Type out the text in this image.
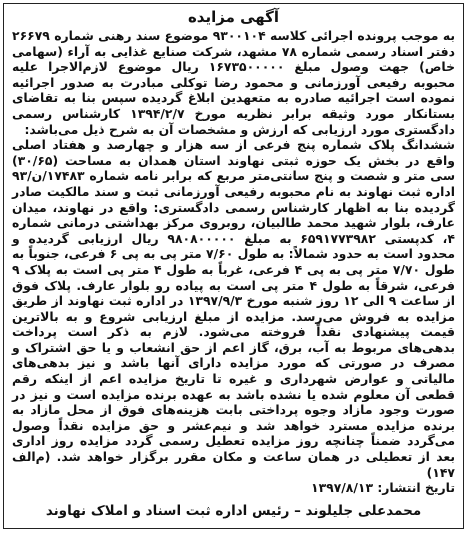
آگهی مزایده

به موجب پرونده اجرائی کلاسه ۹۳۰۰۱۰۴ موضوع سند رهنی شماره ۲۶۶۷۹ دفتر اسناد رسمی شماره ۷۸ مشهد، شرکت صنایع غذایی به آراء (سهامی خاص) جهت وصول مبلغ ۱۶۷۳۵۰۰۰۰۰ ریال موضوع لازم‌الاجرا علیه محبوبه رفیعی آورزمانی و محمود رضا توکلی مبادرت به صدور اجرائیه نموده است اجرائیه صادره به متعهدین ابلاغ گردیده سپس بنا به تقاضای بستانکار مورد وثیقه برابر نظریه مورخ ۱۳۹۴/۲/۷ کارشناس رسمی دادگستری مورد ارزیابی که ارزش و مشخصات آن به شرح ذیل می‌باشد:

ششدانگ پلاک شماره پنج فرعی از سه هزار و چهارصد و هفتاد اصلی واقع در بخش یک حوزه ثبتی نهاوند استان همدان به مساحت (۳۰/۶۵) سی متر و شصت و پنج سانتی‌متر مربع که برابر نامه شماره ۱۷۴۸۳/ن/۹۳ اداره ثبت نهاوند به نام محبوبه رفیعی آورزمانی ثبت و سند مالکیت صادر گردیده بنا به اظهار کارشناس رسمی دادگستری: واقع در نهاوند، میدان عارف، بلوار شهید محمد طالبیان، روبروی مرکز بهداشتی درمانی شماره ۴، کدپستی ۶۵۹۱۷۷۳۹۸۲ به مبلغ ۹۸۰۸۰۰۰۰۰ ریال ارزیابی گردیده و محدود است به حدود شمالاً: به طول ۷/۶۰ متر پی به پی ۶ فرعی، جنوباً به طول ۷/۷۰ متر پی به پی ۴ فرعی، غرباً به طول ۴ متر پی است به پلاک ۹ فرعی، شرقاً به طول ۴ متر پی است به پیاده رو بلوار عارف. پلاک فوق از ساعت ۹ الی ۱۲ روز شنبه مورخ ۱۳۹۷/۹/۳ در اداره ثبت نهاوند از طریق مزایده به فروش می‌رسد. مزایده از مبلغ ارزیابی شروع و به بالاترین قیمت پیشنهادی نقداً فروخته می‌شود. لازم به ذکر است پرداخت بدهی‌های مربوط به آب، برق، گاز اعم از حق انشعاب و یا حق اشتراک و مصرف در صورتی که مورد مزایده دارای آنها باشد و نیز بدهی‌های مالیاتی و عوارض شهرداری و غیره تا تاریخ مزایده اعم از اینکه رقم قطعی آن معلوم شده یا نشده باشد به عهده برنده مزایده است و نیز در صورت وجود مازاد وجوه پرداختی بابت هزینه‌های فوق از محل مازاد به برنده مزایده مسترد خواهد شد و نیم‌عشر و حق مزایده نقداً وصول می‌گردد ضمناً چنانچه روز مزایده تعطیل رسمی گردد مزایده روز اداری بعد از تعطیلی در همان ساعت و مکان مقرر برگزار خواهد شد. (م‌الف ۱۴۷)

تاریخ انتشار: ۱۳۹۷/۸/۱۳

محمدعلی جلیلوند – رئیس اداره ثبت اسناد و املاک نهاوند
